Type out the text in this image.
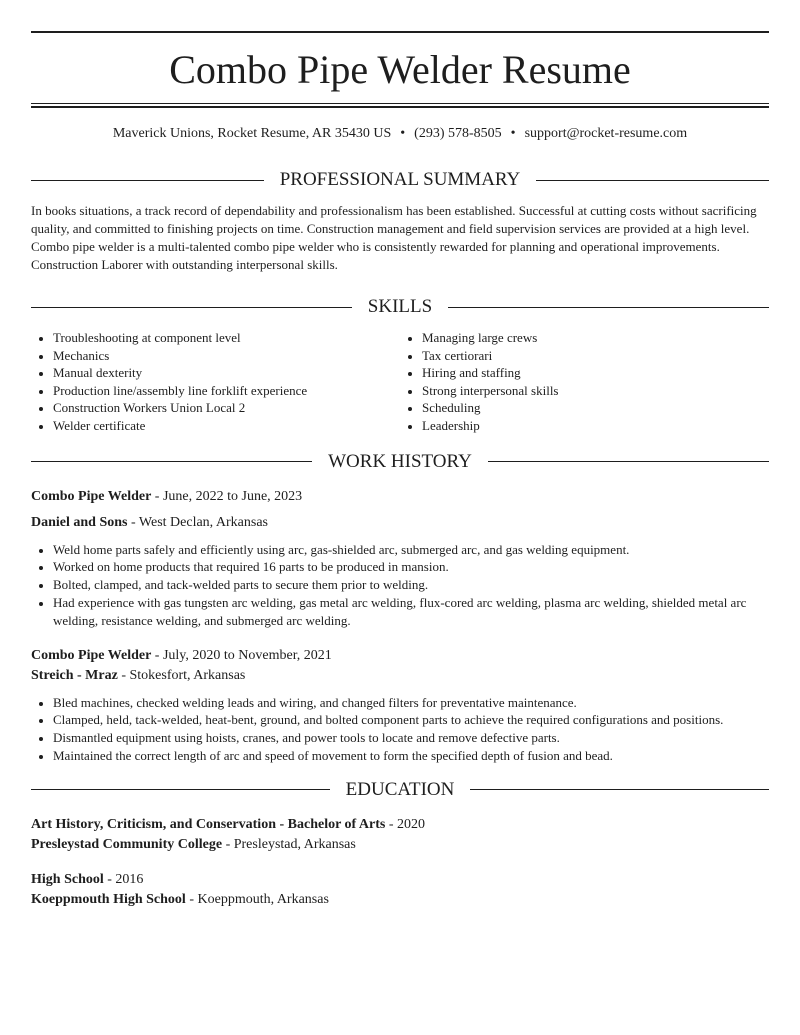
Combo Pipe Welder Resume
Maverick Unions, Rocket Resume, AR 35430 US • (293) 578-8505 • support@rocket-resume.com
PROFESSIONAL SUMMARY

In books situations, a track record of dependability and professionalism has been established. Successful at cutting costs without sacrificing quality, and committed to finishing projects on time. Construction management and field supervision services are provided at a high level. Combo pipe welder is a multi-talented combo pipe welder who is consistently rewarded for planning and operational improvements. Construction Laborer with outstanding interpersonal skills.

SKILLS
• Troubleshooting at component level
• Mechanics
• Manual dexterity
• Production line/assembly line forklift experience
• Construction Workers Union Local 2
• Welder certificate
• Managing large crews
• Tax certiorari
• Hiring and staffing
• Strong interpersonal skills
• Scheduling
• Leadership
WORK HISTORY
Combo Pipe Welder - June, 2022 to June, 2023
Daniel and Sons - West Declan, Arkansas
• Weld home parts safely and efficiently using arc, gas-shielded arc, submerged arc, and gas welding equipment.
• Worked on home products that required 16 parts to be produced in mansion.
• Bolted, clamped, and tack-welded parts to secure them prior to welding.
• Had experience with gas tungsten arc welding, gas metal arc welding, flux-cored arc welding, plasma arc welding, shielded metal arc welding, resistance welding, and submerged arc welding.
Combo Pipe Welder - July, 2020 to November, 2021
Streich - Mraz - Stokesfort, Arkansas
• Bled machines, checked welding leads and wiring, and changed filters for preventative maintenance.
• Clamped, held, tack-welded, heat-bent, ground, and bolted component parts to achieve the required configurations and positions.
• Dismantled equipment using hoists, cranes, and power tools to locate and remove defective parts.
• Maintained the correct length of arc and speed of movement to form the specified depth of fusion and bead.
EDUCATION
Art History, Criticism, and Conservation - Bachelor of Arts - 2020
Presleystad Community College - Presleystad, Arkansas
High School - 2016
Koeppmouth High School - Koeppmouth, Arkansas
